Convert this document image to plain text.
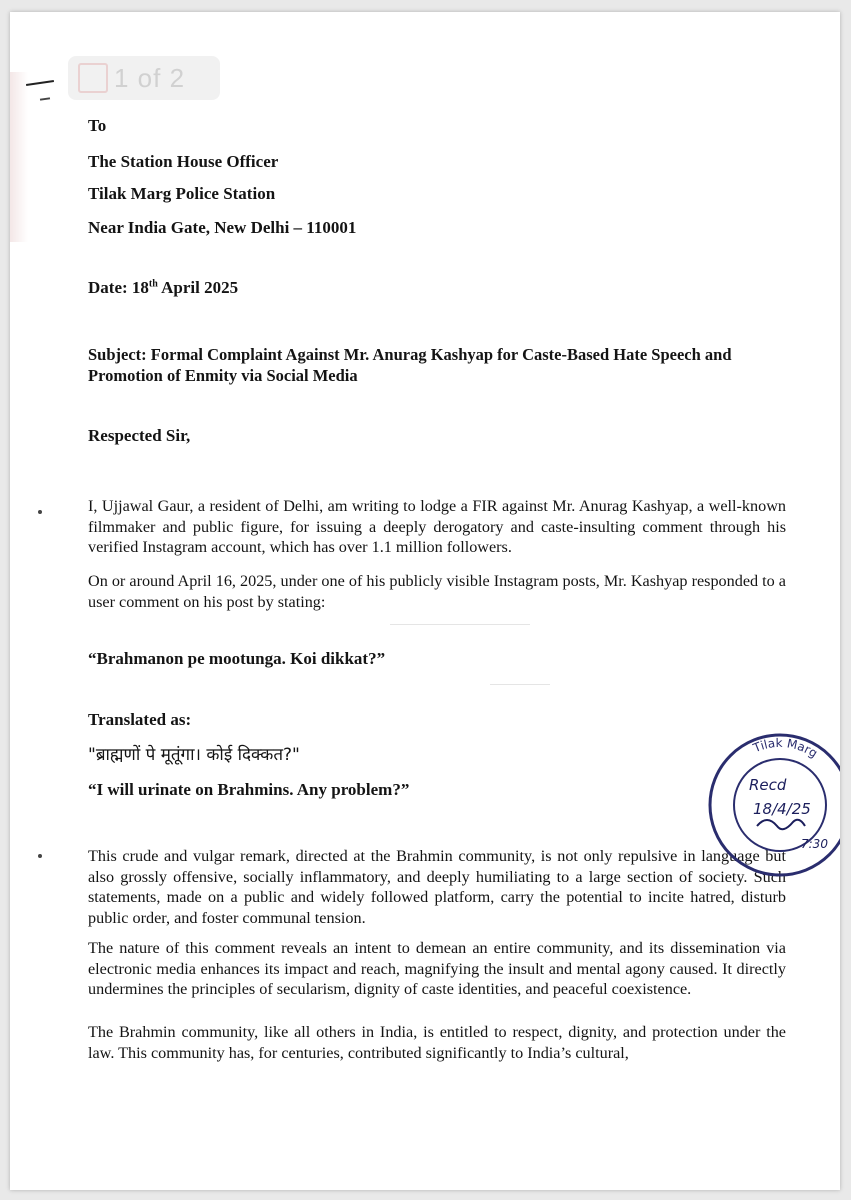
1 of 2
To
The Station House Officer
Tilak Marg Police Station
Near India Gate, New Delhi – 110001
Date: 18th April 2025
Subject: Formal Complaint Against Mr. Anurag Kashyap for Caste-Based Hate Speech and Promotion of Enmity via Social Media
Respected Sir,
I, Ujjawal Gaur, a resident of Delhi, am writing to lodge a FIR against Mr. Anurag Kashyap, a well-known filmmaker and public figure, for issuing a deeply derogatory and caste-insulting comment through his verified Instagram account, which has over 1.1 million followers.
On or around April 16, 2025, under one of his publicly visible Instagram posts, Mr. Kashyap responded to a user comment on his post by stating:
“Brahmanon pe mootunga. Koi dikkat?”
Translated as:
"ब्राह्मणों पे मूतूंगा। कोई दिक्कत?"
“I will urinate on Brahmins. Any problem?”
This crude and vulgar remark, directed at the Brahmin community, is not only repulsive in language but also grossly offensive, socially inflammatory, and deeply humiliating to a large section of society. Such statements, made on a public and widely followed platform, carry the potential to incite hatred, disturb public order, and foster communal tension.
The nature of this comment reveals an intent to demean an entire community, and its dissemination via electronic media enhances its impact and reach, magnifying the insult and mental agony caused. It directly undermines the principles of secularism, dignity of caste identities, and peaceful coexistence.
The Brahmin community, like all others in India, is entitled to respect, dignity, and protection under the law. This community has, for centuries, contributed significantly to India’s cultural,
Tilak Marg
Recd
18/4/25
7:30
